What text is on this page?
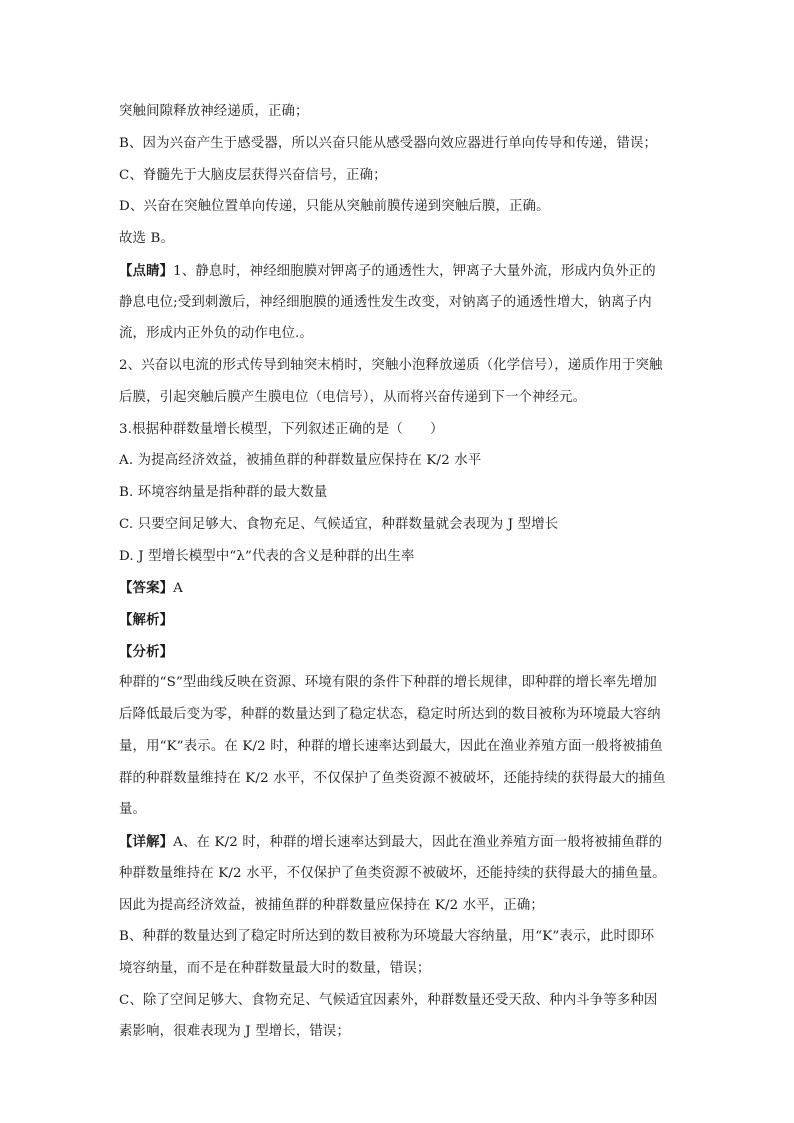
突触间隙释放神经递质，正确；
B、因为兴奋产生于感受器，所以兴奋只能从感受器向效应器进行单向传导和传递，错误；
C、脊髓先于大脑皮层获得兴奋信号，正确；
D、兴奋在突触位置单向传递，只能从突触前膜传递到突触后膜，正确。
故选 B。
【点睛】1、静息时，神经细胞膜对钾离子的通透性大，钾离子大量外流，形成内负外正的
静息电位;受到刺激后，神经细胞膜的通透性发生改变，对钠离子的通透性增大，钠离子内
流，形成内正外负的动作电位.。
2、兴奋以电流的形式传导到轴突末梢时，突触小泡释放递质（化学信号），递质作用于突触
后膜，引起突触后膜产生膜电位（电信号），从而将兴奋传递到下一个神经元。
3.根据种群数量增长模型，下列叙述正确的是（　　）
A. 为提高经济效益，被捕鱼群的种群数量应保持在 K/2 水平
B. 环境容纳量是指种群的最大数量
C. 只要空间足够大、食物充足、气候适宜，种群数量就会表现为 J 型增长
D. J 型增长模型中“λ”代表的含义是种群的出生率
【答案】A
【解析】
【分析】
种群的“S”型曲线反映在资源、环境有限的条件下种群的增长规律，即种群的增长率先增加
后降低最后变为零，种群的数量达到了稳定状态，稳定时所达到的数目被称为环境最大容纳
量，用“K”表示。在 K/2 时，种群的增长速率达到最大，因此在渔业养殖方面一般将被捕鱼
群的种群数量维持在 K/2 水平，不仅保护了鱼类资源不被破坏，还能持续的获得最大的捕鱼
量。
【详解】A、在 K/2 时，种群的增长速率达到最大，因此在渔业养殖方面一般将被捕鱼群的
种群数量维持在 K/2 水平，不仅保护了鱼类资源不被破坏，还能持续的获得最大的捕鱼量。
因此为提高经济效益，被捕鱼群的种群数量应保持在 K/2 水平，正确；
B、种群的数量达到了稳定时所达到的数目被称为环境最大容纳量，用“K”表示，此时即环
境容纳量，而不是在种群数量最大时的数量，错误；
C、除了空间足够大、食物充足、气候适宜因素外，种群数量还受天敌、种内斗争等多种因
素影响，很难表现为 J 型增长，错误；
